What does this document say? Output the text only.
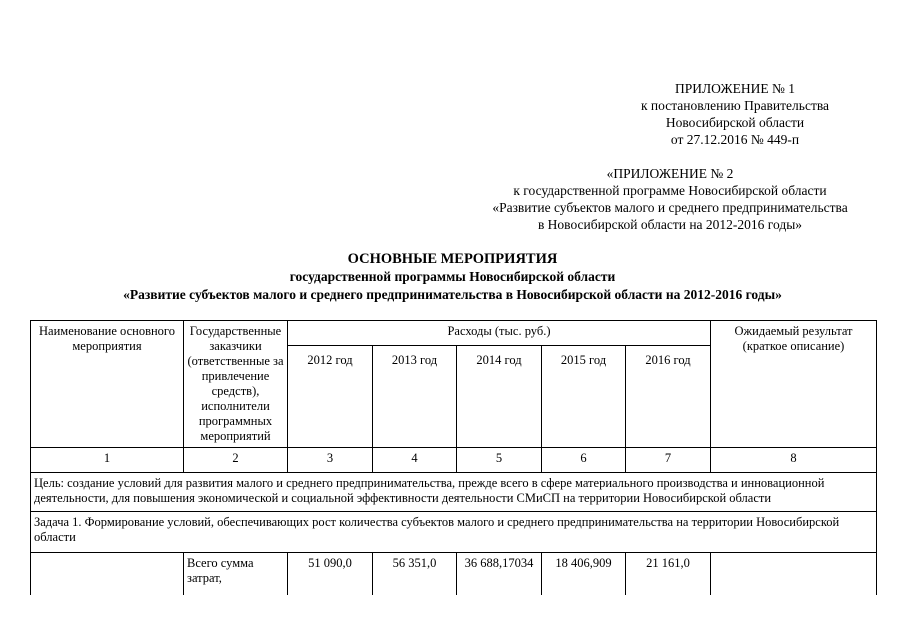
ПРИЛОЖЕНИЕ № 1
к постановлению Правительства
Новосибирской области
от 27.12.2016 № 449-п
«ПРИЛОЖЕНИЕ № 2
к государственной программе Новосибирской области
«Развитие субъектов малого и среднего предпринимательства
в Новосибирской области на 2012-2016 годы»
ОСНОВНЫЕ МЕРОПРИЯТИЯ
государственной программы Новосибирской области
«Развитие субъектов малого и среднего предпринимательства в Новосибирской области на 2012-2016 годы»
Наименование основного мероприятия	Государственные заказчики (ответственные за привлечение средств), исполнители программных мероприятий	Расходы (тыс. руб.)					Ожидаемый результат (краткое описание)
		2012 год	2013 год	2014 год	2015 год	2016 год	
1	2	3	4	5	6	7	8
Цель: создание условий для развития малого и среднего предпринимательства, прежде всего в сфере материального производства и инновационной деятельности, для повышения экономической и социальной эффективности деятельности СМиСП на территории Новосибирской области							
Задача 1. Формирование условий, обеспечивающих рост количества субъектов малого и среднего предпринимательства на территории Новосибирской области							
	Всего сумма затрат,	51 090,0	56 351,0	36 688,17034	18 406,909	21 161,0	
